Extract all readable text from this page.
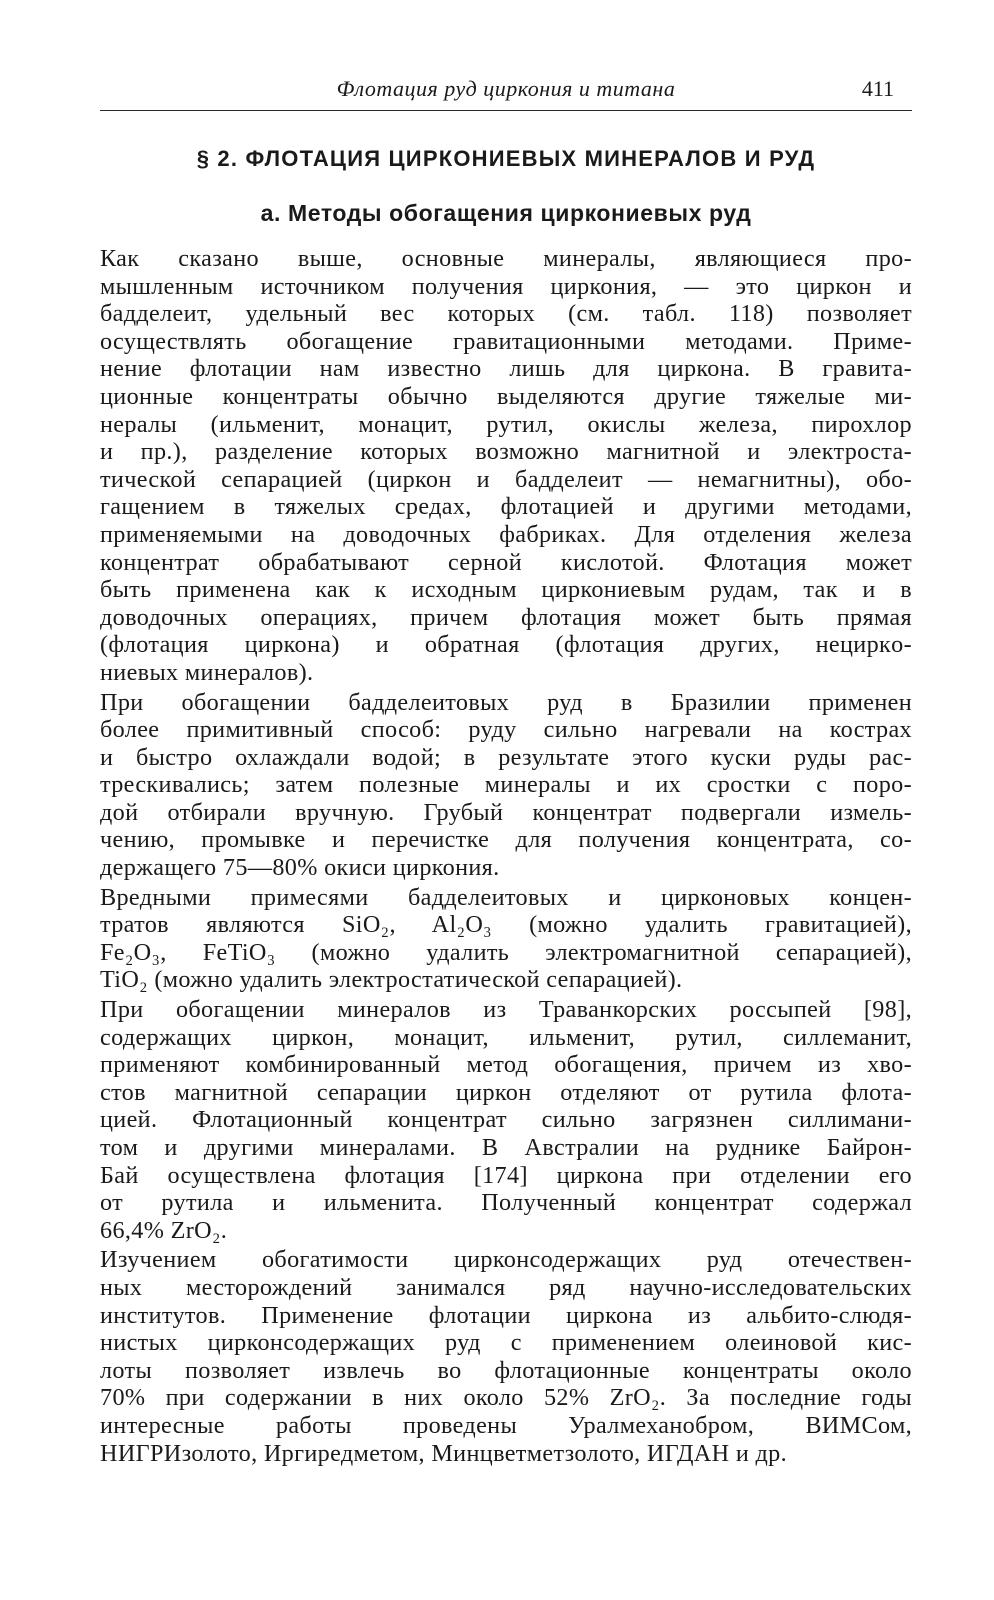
Флотация руд циркония и титана	411
§ 2. ФЛОТАЦИЯ ЦИРКОНИЕВЫХ МИНЕРАЛОВ И РУД
а. Методы обогащения циркониевых руд
Как сказано выше, основные минералы, являющиеся про-
мышленным источником получения циркония, — это циркон и
бадделеит, удельный вес которых (см. табл. 118) позволяет
осуществлять обогащение гравитационными методами. Приме-
нение флотации нам известно лишь для циркона. В гравита-
ционные концентраты обычно выделяются другие тяжелые ми-
нералы (ильменит, монацит, рутил, окислы железа, пирохлор
и пр.), разделение которых возможно магнитной и электроста-
тической сепарацией (циркон и бадделеит — немагнитны), обо-
гащением в тяжелых средах, флотацией и другими методами,
применяемыми на доводочных фабриках. Для отделения железа
концентрат обрабатывают серной кислотой. Флотация может
быть применена как к исходным циркониевым рудам, так и в
доводочных операциях, причем флотация может быть прямая
(флотация циркона) и обратная (флотация других, нециркo-
ниевых минералов).
При обогащении бадделеитовых руд в Бразилии применен
более примитивный способ: руду сильно нагревали на кострах
и быстро охлаждали водой; в результате этого куски руды рас-
трескивались; затем полезные минералы и их сростки с поро-
дой отбирали вручную. Грубый концентрат подвергали измель-
чению, промывке и перечистке для получения концентрата, со-
держащего 75—80% окиси циркония.
Вредными примесями бадделеитовых и цирконовых концен-
тратов являются SiO₂, Al₂O₃ (можно удалить гравитацией),
Fe₂O₃, FeTiO₃ (можно удалить электромагнитной сепарацией),
TiO₂ (можно удалить электростатической сепарацией).
При обогащении минералов из Траванкорских россыпей [98],
содержащих циркон, монацит, ильменит, рутил, силлеманит,
применяют комбинированный метод обогащения, причем из хво-
стов магнитной сепарации циркон отделяют от рутила флота-
цией. Флотационный концентрат сильно загрязнен силлимани-
том и другими минералами. В Австралии на руднике Байрон-
Бай осуществлена флотация [174] циркона при отделении его
от рутила и ильменита. Полученный концентрат содержал
66,4% ZrO₂.
Изучением обогатимости цирконсодержащих руд отечествен-
ных месторождений занимался ряд научно-исследовательских
институтов. Применение флотации циркона из альбито-слюдя-
нистых цирконсодержащих руд с применением олеиновой кис-
лоты позволяет извлечь во флотационные концентраты около
70% при содержании в них около 52% ZrO₂. За последние годы
интересные работы проведены Уралмеханобром, ВИМСом,
НИГРИзолото, Иргиредметом, Минцветметзолото, ИГДАН и др.
